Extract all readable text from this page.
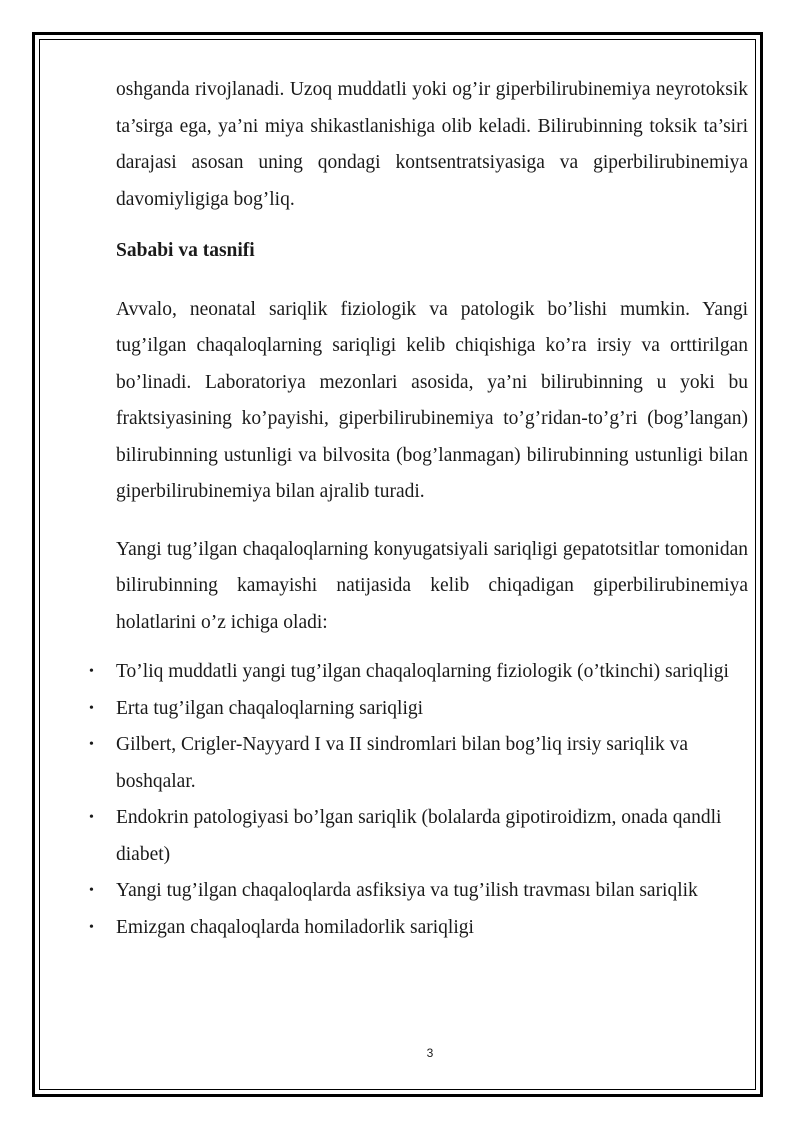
oshganda rivojlanadi. Uzoq muddatli yoki og’ir giperbilirubinemiya neyrotoksik ta’sirga ega, ya’ni miya shikastlanishiga olib keladi. Bilirubinning toksik ta’siri darajasi asosan uning qondagi kontsentratsiyasiga va giperbilirubinemiya davomiyligiga bog’liq.

Sababi va tasnifi

Avvalo, neonatal sariqlik fiziologik va patologik bo’lishi mumkin. Yangi tug’ilgan chaqaloqlarning sariqligi kelib chiqishiga ko’ra irsiy va orttirilgan bo’linadi. Laboratoriya mezonlari asosida, ya’ni bilirubinning u yoki bu fraktsiyasining ko’payishi, giperbilirubinemiya to’g’ridan-to’g’ri (bog’langan) bilirubinning ustunligi va bilvosita (bog’lanmagan) bilirubinning ustunligi bilan giperbilirubinemiya bilan ajralib turadi.

Yangi tug’ilgan chaqaloqlarning konyugatsiyali sariqligi gepatotsitlar tomonidan bilirubinning kamayishi natijasida kelib chiqadigan giperbilirubinemiya holatlarini o’z ichiga oladi:

• To’liq muddatli yangi tug’ilgan chaqaloqlarning fiziologik (o’tkinchi) sariqligi
• Erta tug’ilgan chaqaloqlarning sariqligi
• Gilbert, Crigler-Nayyard I va II sindromlari bilan bog’liq irsiy sariqlik va boshqalar.
• Endokrin patologiyasi bo’lgan sariqlik (bolalarda gipotiroidizm, onada qandli diabet)
• Yangi tug’ilgan chaqaloqlarda asfiksiya va tug’ilish travması bilan sariqlik
• Emizgan chaqaloqlarda homiladorlik sariqligi
3
